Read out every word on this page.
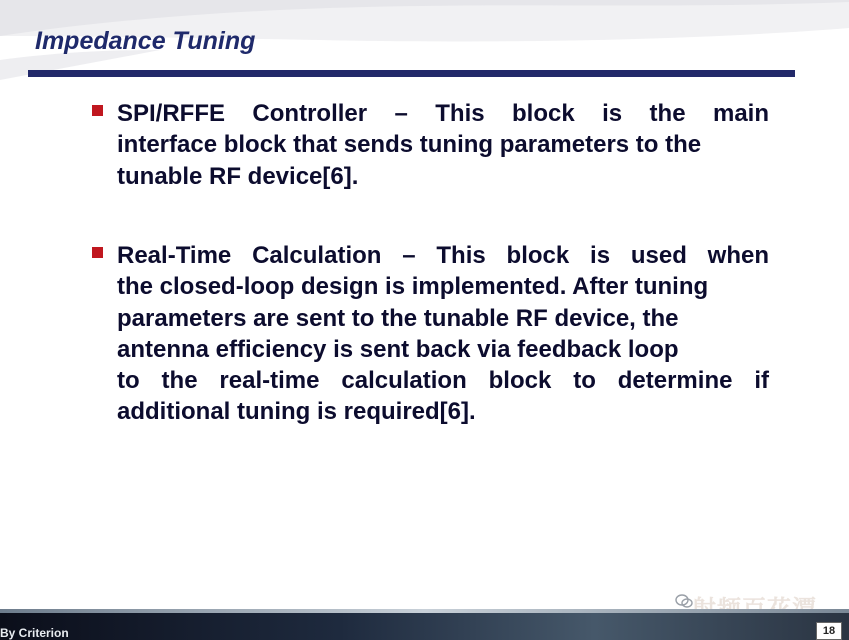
Impedance Tuning

SPI/RFFE Controller – This block is the main
interface block that sends tuning parameters to the
tunable RF device[6].

Real-Time Calculation – This block is used when
the closed-loop design is implemented. After tuning
parameters are sent to the tunable RF device, the
antenna efficiency is sent back via feedback loop
to the real-time calculation block to determine if
additional tuning is required[6].

By Criterion	18
